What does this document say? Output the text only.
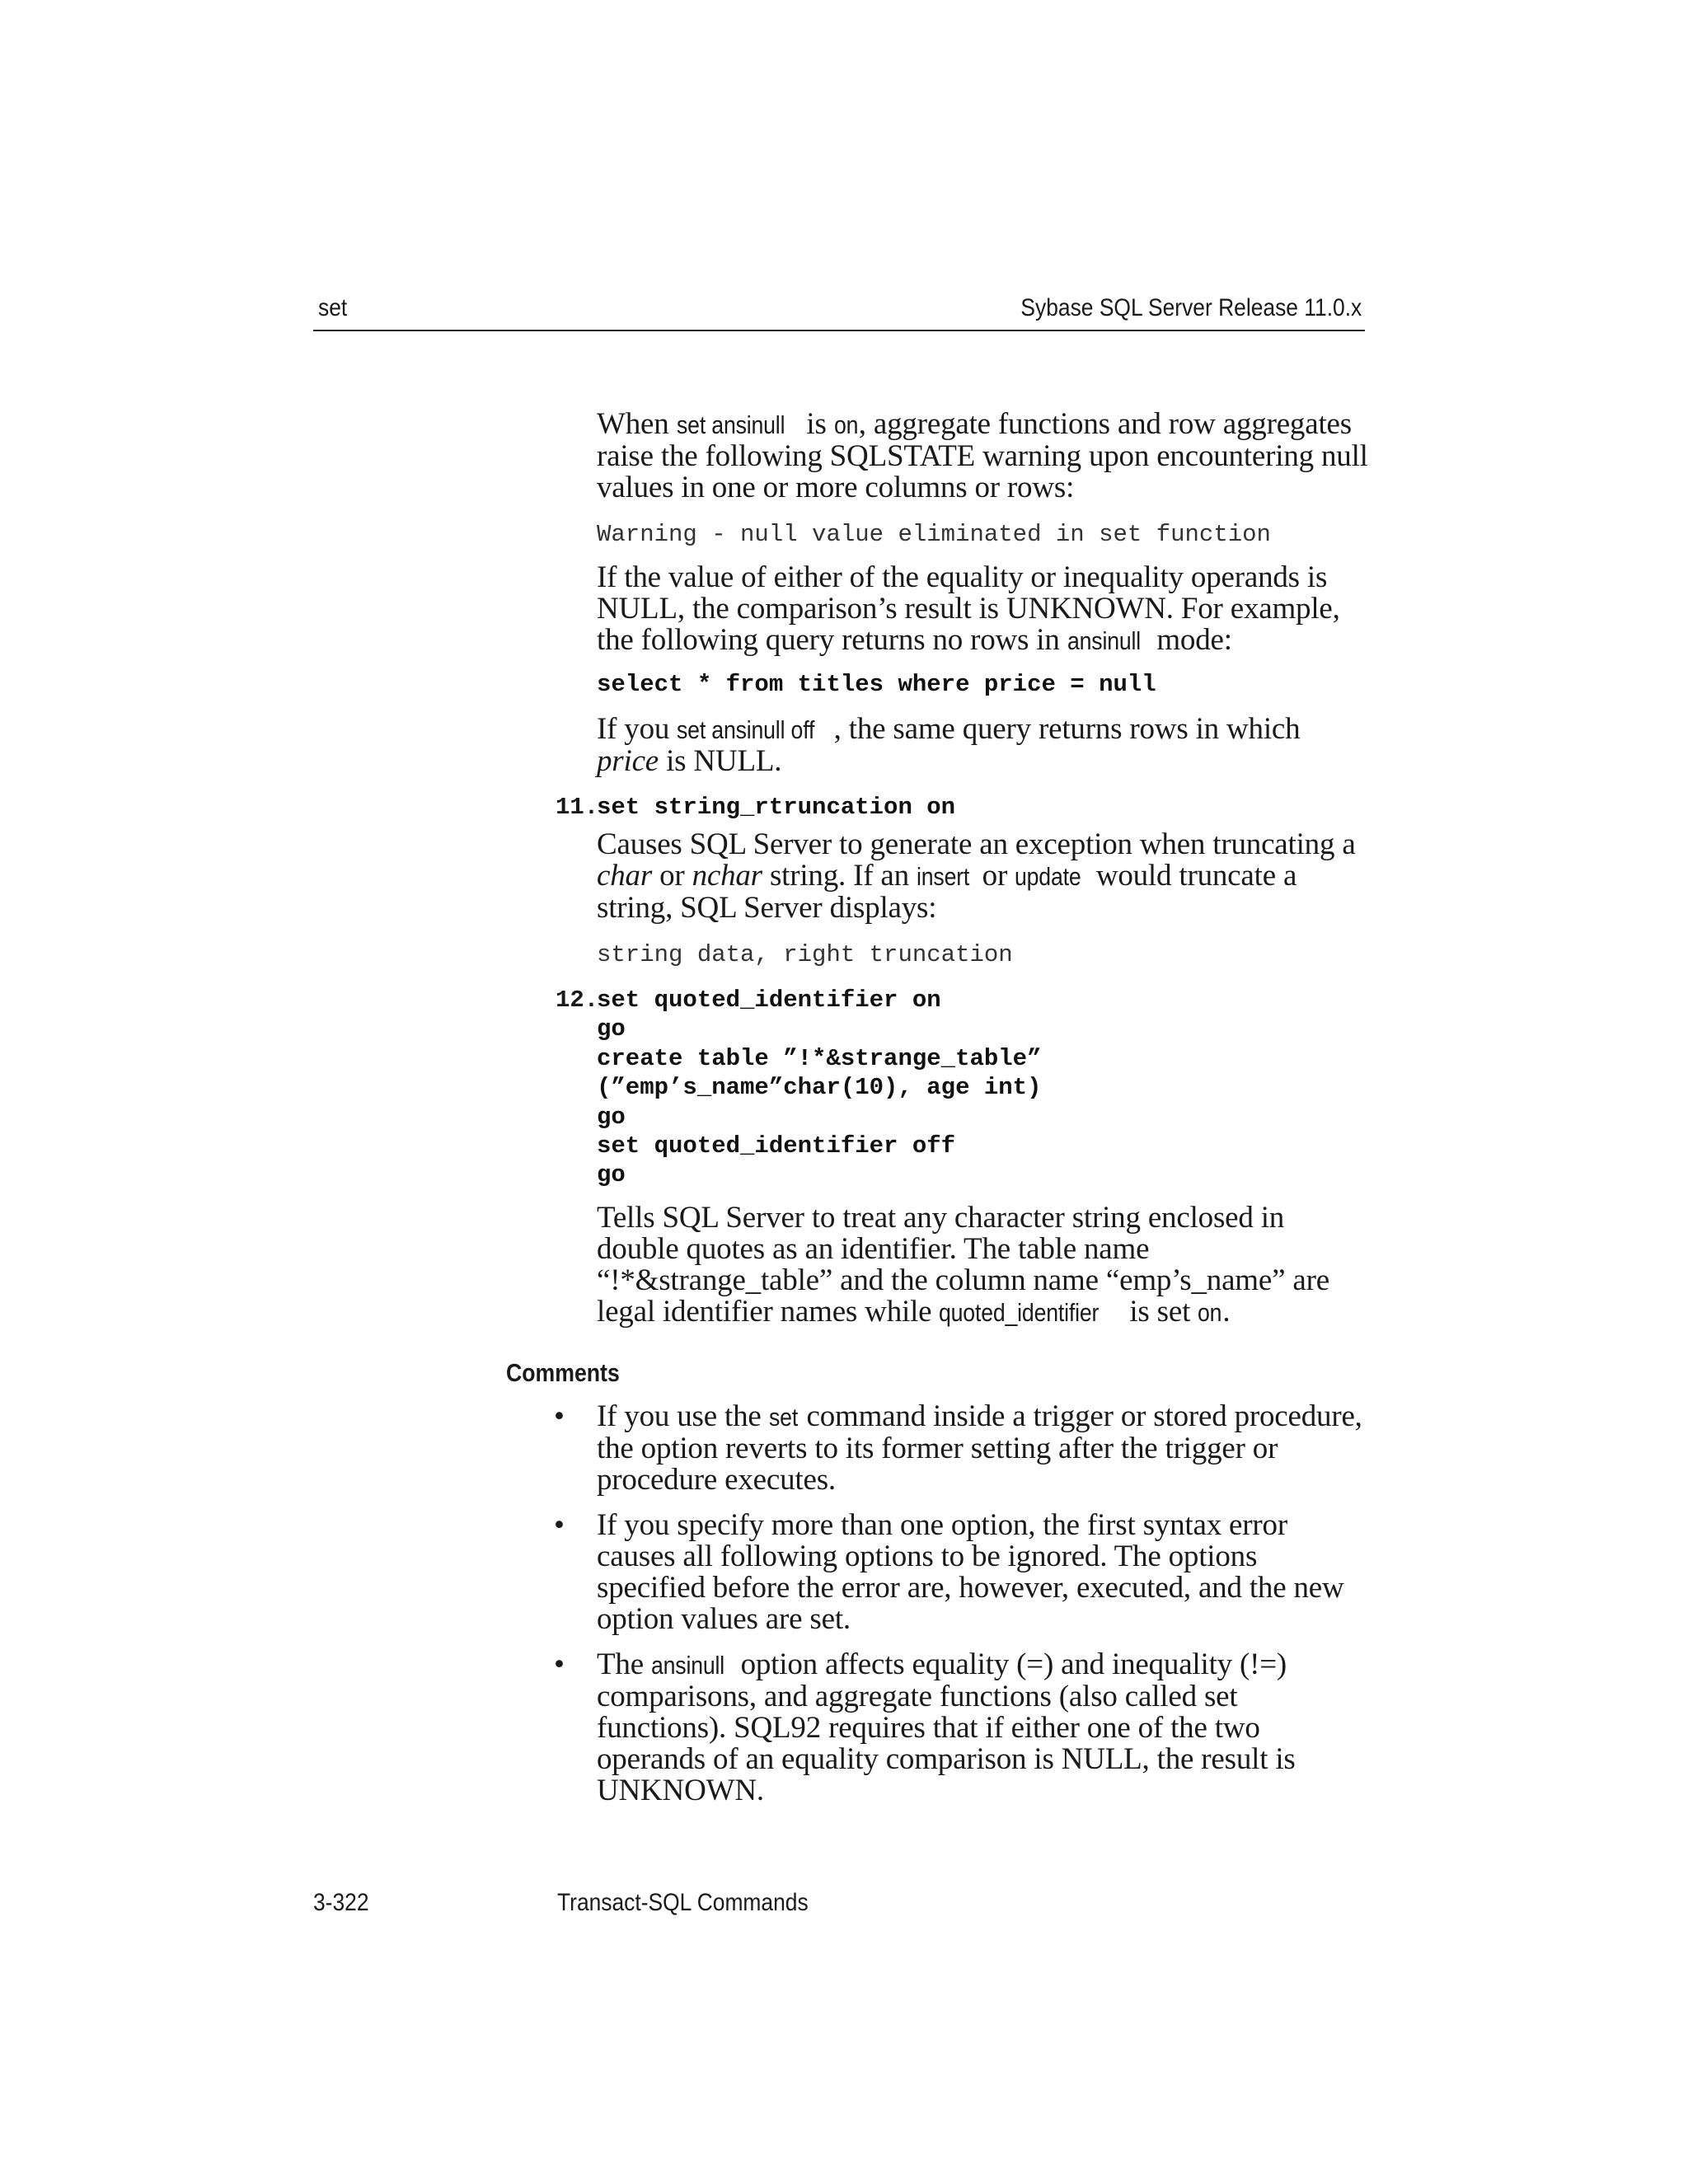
set	Sybase SQL Server Release 11.0.x

When set ansinull is on, aggregate functions and row aggregates raise the following SQLSTATE warning upon encountering null values in one or more columns or rows:

Warning - null value eliminated in set function

If the value of either of the equality or inequality operands is NULL, the comparison’s result is UNKNOWN. For example, the following query returns no rows in ansinull mode:

select * from titles where price = null

If you set ansinull off , the same query returns rows in which price is NULL.

11.

set string_rtruncation on

Causes SQL Server to generate an exception when truncating a char or nchar string. If an insert or update would truncate a string, SQL Server displays:

string data, right truncation

12.

set quoted_identifier on
go
create table ”!*&strange_table”
(”emp’s_name”char(10), age int)
go
set quoted_identifier off
go

Tells SQL Server to treat any character string enclosed in double quotes as an identifier. The table name “!*&strange_table” and the column name “emp’s_name” are legal identifier names while quoted_identifier is set on.

Comments
• If you use the set command inside a trigger or stored procedure, the option reverts to its former setting after the trigger or procedure executes.

• If you specify more than one option, the first syntax error causes all following options to be ignored. The options specified before the error are, however, executed, and the new option values are set.

• The ansinull option affects equality (=) and inequality (!=) comparisons, and aggregate functions (also called set functions). SQL92 requires that if either one of the two operands of an equality comparison is NULL, the result is UNKNOWN.

3-322	Transact-SQL Commands
